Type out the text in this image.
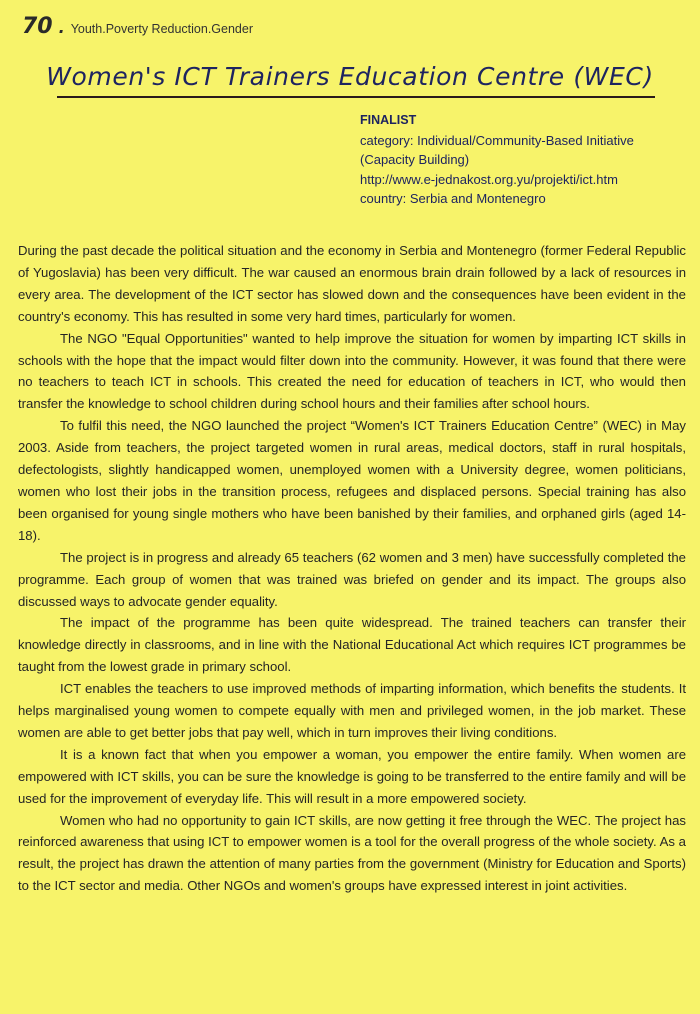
70 . Youth.Poverty Reduction.Gender
Women's ICT Trainers Education Centre (WEC)
FINALIST
category: Individual/Community-Based Initiative
(Capacity Building)
http://www.e-jednakost.org.yu/projekti/ict.htm
country: Serbia and Montenegro

During the past decade the political situation and the economy in Serbia and Montenegro (former Federal Republic of Yugoslavia) has been very difficult. The war caused an enormous brain drain followed by a lack of resources in every area. The development of the ICT sector has slowed down and the consequences have been evident in the country's economy. This has resulted in some very hard times, particularly for women.

The NGO "Equal Opportunities" wanted to help improve the situation for women by imparting ICT skills in schools with the hope that the impact would filter down into the community. However, it was found that there were no teachers to teach ICT in schools. This created the need for education of teachers in ICT, who would then transfer the knowledge to school children during school hours and their families after school hours.

To fulfil this need, the NGO launched the project “Women's ICT Trainers Education Centre” (WEC) in May 2003. Aside from teachers, the project targeted women in rural areas, medical doctors, staff in rural hospitals, defectologists, slightly handicapped women, unemployed women with a University degree, women politicians, women who lost their jobs in the transition process, refugees and displaced persons. Special training has also been organised for young single mothers who have been banished by their families, and orphaned girls (aged 14-18).

The project is in progress and already 65 teachers (62 women and 3 men) have successfully completed the programme. Each group of women that was trained was briefed on gender and its impact. The groups also discussed ways to advocate gender equality.

The impact of the programme has been quite widespread. The trained teachers can transfer their knowledge directly in classrooms, and in line with the National Educational Act which requires ICT programmes be taught from the lowest grade in primary school.

ICT enables the teachers to use improved methods of imparting information, which benefits the students. It helps marginalised young women to compete equally with men and privileged women, in the job market. These women are able to get better jobs that pay well, which in turn improves their living conditions.

It is a known fact that when you empower a woman, you empower the entire family. When women are empowered with ICT skills, you can be sure the knowledge is going to be transferred to the entire family and will be used for the improvement of everyday life. This will result in a more empowered society.

Women who had no opportunity to gain ICT skills, are now getting it free through the WEC. The project has reinforced awareness that using ICT to empower women is a tool for the overall progress of the whole society. As a result, the project has drawn the attention of many parties from the government (Ministry for Education and Sports) to the ICT sector and media. Other NGOs and women's groups have expressed interest in joint activities.
